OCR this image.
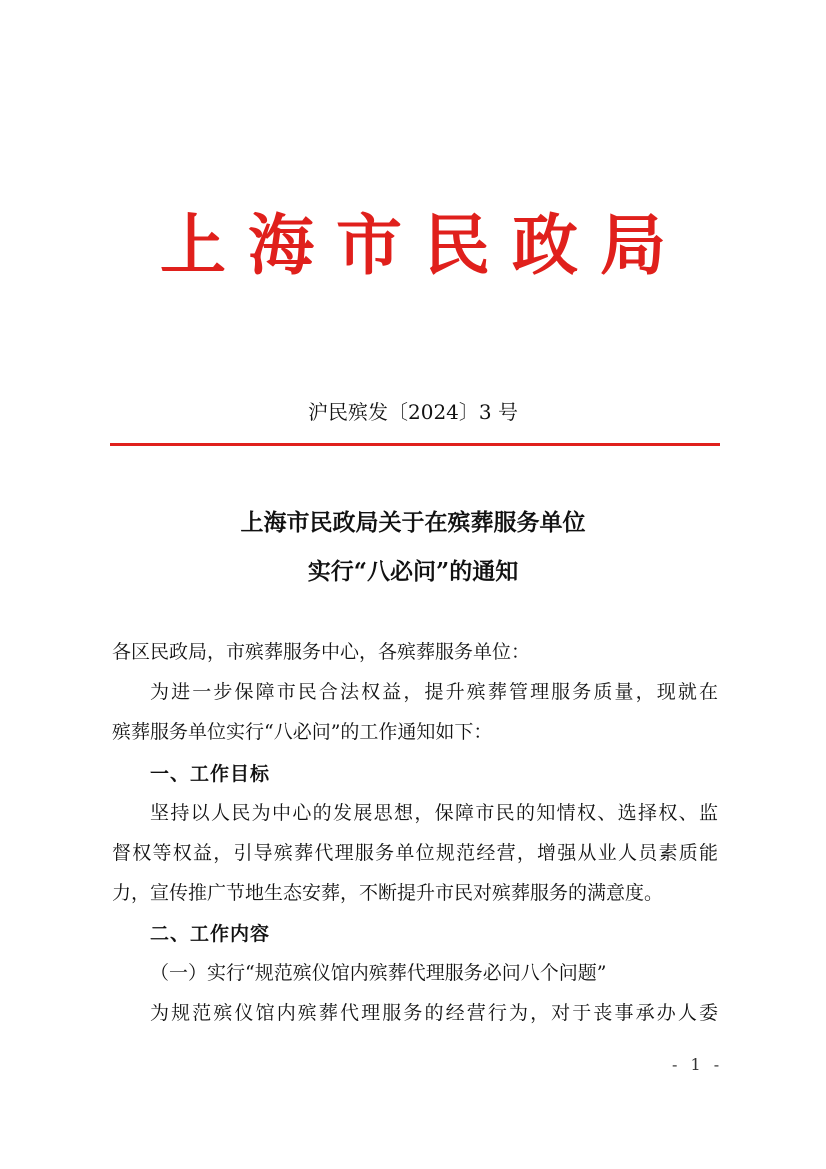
上海市民政局
沪民殡发〔2024〕3 号
上海市民政局关于在殡葬服务单位
实行“八必问”的通知
各区民政局，市殡葬服务中心，各殡葬服务单位：
为进一步保障市民合法权益，提升殡葬管理服务质量，现就在
殡葬服务单位实行“八必问”的工作通知如下：
一、工作目标
坚持以人民为中心的发展思想，保障市民的知情权、选择权、监
督权等权益，引导殡葬代理服务单位规范经营，增强从业人员素质能
力，宣传推广节地生态安葬，不断提升市民对殡葬服务的满意度。
二、工作内容
（一）实行“规范殡仪馆内殡葬代理服务必问八个问题”
为规范殡仪馆内殡葬代理服务的经营行为，对于丧事承办人委
- 1 -
